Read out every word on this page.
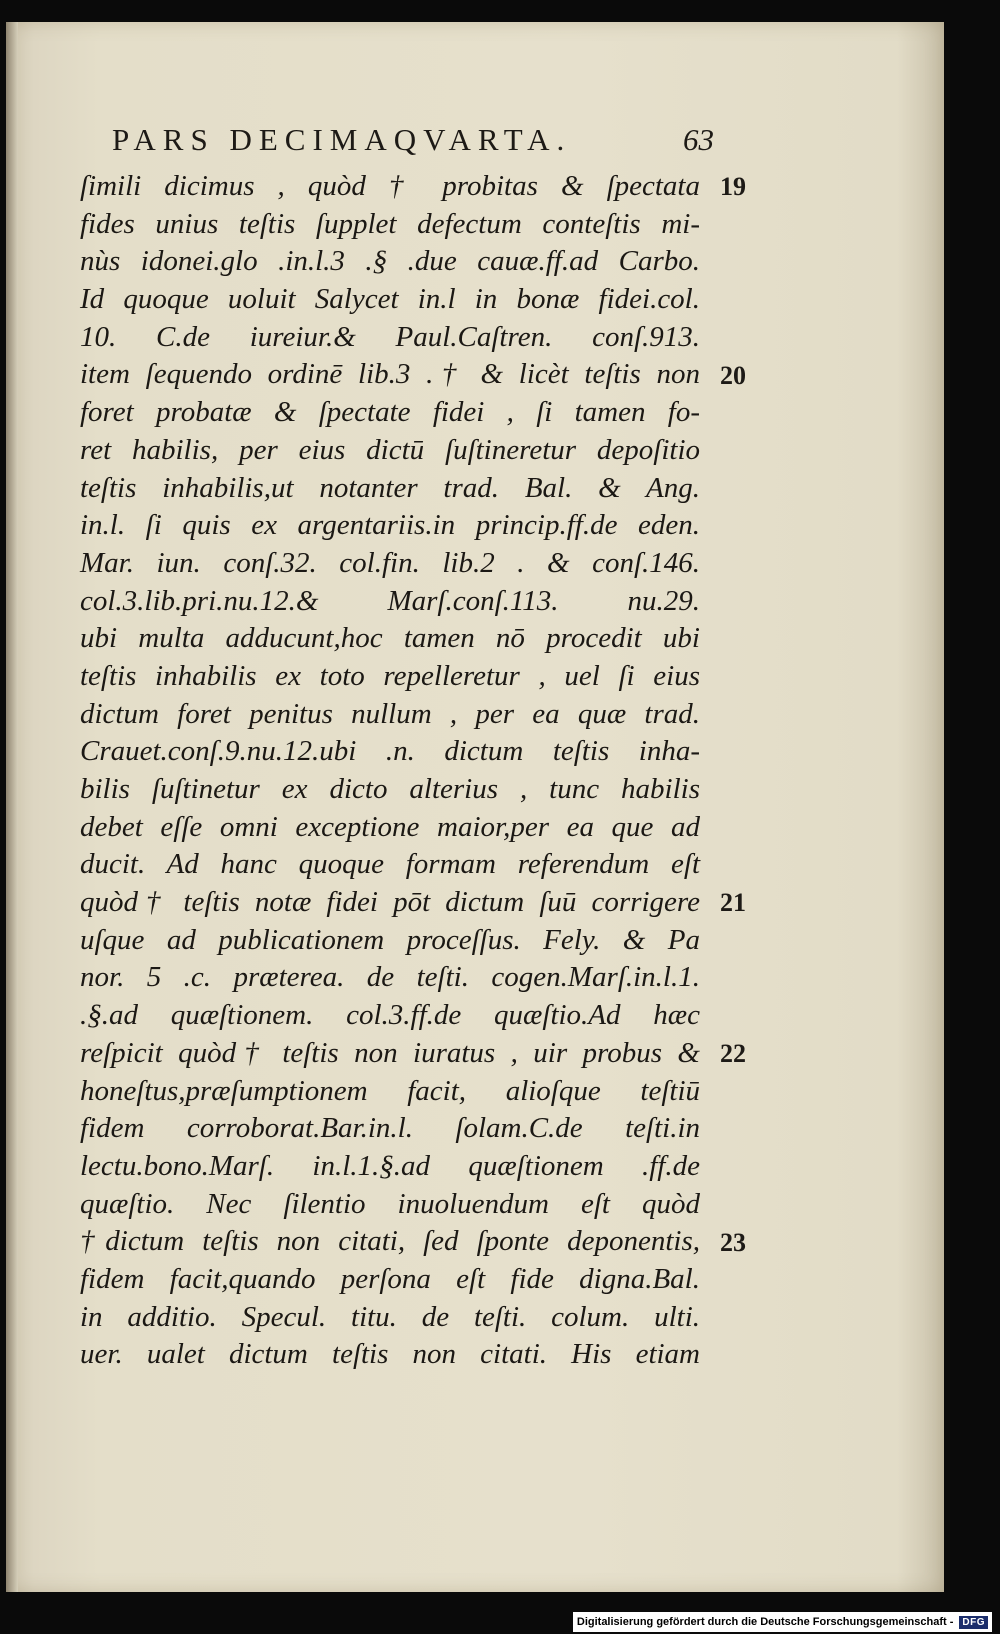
PARS DECIMAQVARTA.	63
ſimili dicimus , quòd † probitas & ſpectata
fides unius teſtis ſupplet defectum conteſtis mi-
nùs idonei.glo .in.l.3 .§ .due cauæ.ff.ad Carbo.
Id quoque uoluit Salycet in.l in bonæ fidei.col.
10. C.de iureiur.& Paul.Caſtren. conſ.913.
item ſequendo ordinē lib.3 .† & licèt teſtis non
foret probatæ & ſpectate fidei , ſi tamen fo-
ret habilis, per eius dictū ſuſtineretur depoſitio
teſtis inhabilis,ut notanter trad. Bal. & Ang.
in.l. ſi quis ex argentariis.in princip.ff.de eden.
Mar. iun. conſ.32. col.fin. lib.2 . & conſ.146.
col.3.lib.pri.nu.12.& Marſ.conſ.113. nu.29.
ubi multa adducunt,hoc tamen nō procedit ubi
teſtis inhabilis ex toto repelleretur , uel ſi eius
dictum foret penitus nullum , per ea quæ trad.
Crauet.conſ.9.nu.12.ubi .n. dictum teſtis inha-
bilis ſuſtinetur ex dicto alterius , tunc habilis
debet eſſe omni exceptione maior,per ea que ad
ducit. Ad hanc quoque formam referendum eſt
quòd† teſtis notæ fidei pōt dictum ſuū corrigere
uſque ad publicationem proceſſus. Fely. & Pa
nor. 5 .c. præterea. de teſti. cogen.Marſ.in.l.1.
.§.ad quæſtionem. col.3.ff.de quæſtio.Ad hæc
reſpicit quòd† teſtis non iuratus , uir probus &
honeſtus,præſumptionem facit, alioſque teſtiū
fidem corroborat.Bar.in.l. ſolam.C.de teſti.in
lectu.bono.Marſ. in.l.1.§.ad quæſtionem .ff.de
quæſtio. Nec ſilentio inuoluendum eſt quòd
†dictum teſtis non citati, ſed ſponte deponentis,
fidem facit,quando perſona eſt fide digna.Bal.
in additio. Specul. titu. de teſti. colum. ulti.
uer. ualet dictum teſtis non citati. His etiam
19
20
21
22
23
Digitalisierung gefördert durch die Deutsche Forschungsgemeinschaft - DFG
